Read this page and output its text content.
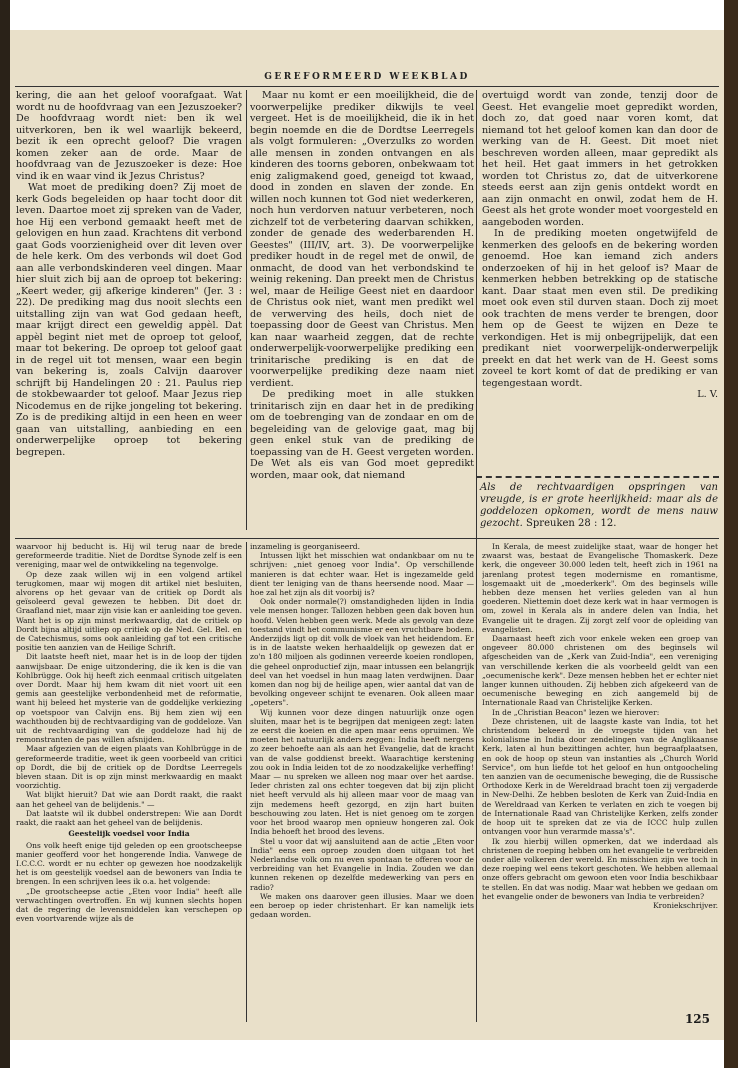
GEREFORMEERD WEEKBLAD

kering, die aan het geloof voorafgaat. Wat wordt nu de hoofdvraag van een Jezuszoeker? De hoofdvraag wordt niet: ben ik wel uitverkoren, ben ik wel waarlijk bekeerd, bezit ik een oprecht geloof? Die vragen komen zeker aan de orde. Maar de hoofdvraag van de Jezuszoeker is deze: Hoe vind ik en waar vind ik Jezus Christus?

Wat moet de prediking doen? Zij moet de kerk Gods begeleiden op haar tocht door dit leven. Daartoe moet zij spreken van de Vader, hoe Hij een verbond gemaakt heeft met de gelovigen en hun zaad. Krachtens dit verbond gaat Gods voorzienigheid over dit leven over de hele kerk. Om des verbonds wil doet God aan alle verbondskinderen veel dingen. Maar hier sluit zich bij aan de oproep tot bekering: „Keert weder, gij afkerige kinderen" (Jer. 3 : 22). De prediking mag dus nooit slechts een uitstalling zijn van wat God gedaan heeft, maar krijgt direct een geweldig appèl. Dat appèl begint niet met de oproep tot geloof, maar tot bekering. De oproep tot geloof gaat in de regel uit tot mensen, waar een begin van bekering is, zoals Calvijn daarover schrijft bij Handelingen 20 : 21. Paulus riep de stokbewaarder tot geloof. Maar Jezus riep Nicodemus en de rijke jongeling tot bekering. Zo is de prediking altijd in een heen en weer gaan van uitstalling, aanbieding en een onderwerpelijke oproep tot bekering begrepen.

Maar nu komt er een moeilijkheid, die de voorwerpelijke prediker dikwijls te veel vergeet. Het is de moeilijkheid, die ik in het begin noemde en die de Dordtse Leerregels als volgt formuleren: „Overzulks zo worden alle mensen in zonden ontvangen en als kinderen des toorns geboren, onbekwaam tot enig zaligmakend goed, geneigd tot kwaad, dood in zonden en slaven der zonde. En willen noch kunnen tot God niet wederkeren, noch hun verdorven natuur verbeteren, noch zichzelf tot de verbetering daarvan schikken, zonder de genade des wederbarenden H. Geestes" (III/IV, art. 3). De voorwerpelijke prediker houdt in de regel met de onwil, de onmacht, de dood van het verbondskind te weinig rekening. Dan preekt men de Christus wel, maar de Heilige Geest niet en daardoor de Christus ook niet, want men predikt wel de verwerving des heils, doch niet de toepassing door de Geest van Christus. Men kan naar waarheid zeggen, dat de rechte onderwerpelijk-voorwerpelijke prediking een trinitarische prediking is en dat de voorwerpelijke prediking deze naam niet verdient.

De prediking moet in alle stukken trinitarisch zijn en daar het in de prediking om de toebrenging van de zondaar en om de begeleiding van de gelovige gaat, mag bij geen enkel stuk van de prediking de toepassing van de H. Geest vergeten worden. De Wet als eis van God moet gepredikt worden, maar ook, dat niemand

overtuigd wordt van zonde, tenzij door de Geest. Het evangelie moet gepredikt worden, doch zo, dat goed naar voren komt, dat niemand tot het geloof komen kan dan door de werking van de H. Geest. Dit moet niet beschreven worden alleen, maar gepredikt als het heil. Het gaat immers in het getrokken worden tot Christus zo, dat de uitverkorene steeds eerst aan zijn genis ontdekt wordt en aan zijn onmacht en onwil, zodat hem de H. Geest als het grote wonder moet voorgesteld en aangeboden worden.

In de prediking moeten ongetwijfeld de kenmerken des geloofs en de bekering worden genoemd. Hoe kan iemand zich anders onderzoeken of hij in het geloof is? Maar de kenmerken hebben betrekking op de statische kant. Daar staat men even stil. De prediking moet ook even stil durven staan. Doch zij moet ook trachten de mens verder te brengen, door hem op de Geest te wijzen en Deze te verkondigen. Het is mij onbegrijpelijk, dat een predikant niet voorwerpelijk-onderwerpelijk preekt en dat het werk van de H. Geest soms zoveel te kort komt of dat de prediking er van tegengestaan wordt.

L. V.

Als de rechtvaardigen opspringen van vreugde, is er grote heerlijkheid: maar als de goddelozen opkomen, wordt de mens nauw gezocht. Spreuken 28 : 12.

waarvoor hij beducht is. Hij wil terug naar de brede gereformeerde traditie. Niet de Dordtse Synode zelf is een vereniging, maar wel de ontwikkeling na tegenvolge.

Op deze zaak willen wij in een volgend artikel terugkomen, maar wij mogen dit artikel niet besluiten, alvorens op het gevaar van de critiek op Dordt als geïsoleerd geval gewezen te hebben. Dit doet dr. Graafland niet, maar zijn visie kan er aanleiding toe geven. Want het is op zijn minst merkwaardig, dat de critiek op Dordt bijna altijd uitliep op critiek op de Ned. Gel. Bel. en de Catechismus, soms ook aanleiding gaf tot een critische positie ten aanzien van de Heilige Schrift.

Dit laatste heeft niet, maar het is in de loop der tijden aanwijsbaar. De enige uitzondering, die ik ken is die van Kohlbrügge. Ook hij heeft zich eenmaal critisch uitgelaten over Dordt. Maar hij hem kwam dit niet voort uit een gemis aan geestelijke verbondenheid met de reformatie, want hij beleed het mysterie van de goddelijke verkiezing op voetspoor van Calvijn ens. Bij hem zien wij een wachthouden bij de rechtvaardiging van de goddeloze. Van uit de rechtvaardiging van de goddeloze had hij de remonstranten de pas willen afsnijden.

Maar afgezien van de eigen plaats van Kohlbrügge in de gereformeerde traditie, weet ik geen voorbeeld van critici op Dordt, die bij de critiek op de Dordtse Leerregels bleven staan. Dit is op zijn minst merkwaardig en maakt voorzichtig.

Wat blijkt hieruit? Dat wie aan Dordt raakt, die raakt aan het geheel van de belijdenis." —

Dat laatste wil ik dubbel onderstrepen: Wie aan Dordt raakt, die raakt aan het geheel van de belijdenis.

Geestelijk voedsel voor India

Ons volk heeft enige tijd geleden op een grootscheepse manier geofferd voor het hongerende India. Vanwege de I.C.C.C. wordt er nu echter op gewezen hoe noodzakelijk het is om geestelijk voedsel aan de bewoners van India te brengen. In een schrijven lees ik o.a. het volgende:

„De grootscheepse actie „Eten voor India" heeft alle verwachtingen overtroffen. En wij kunnen slechts hopen dat de regering de levensmiddelen kan verschepen op even voortvarende wijze als de

inzameling is georganiseerd.

Intussen lijkt het misschien wat ondankbaar om nu te schrijven: „niet genoeg voor India". Op verschillende manieren is dat echter waar. Het is ingezamelde geld dient ter leniging van de thans heersende nood. Maar — hoe zal het zijn als dit voorbij is?

Ook onder normale(?) omstandigheden lijden in India vele mensen honger. Tallozen hebben geen dak boven hun hoofd. Velen hebben geen werk. Mede als gevolg van deze toestand vindt het communisme er een vruchtbare bodem. Anderzijds ligt op dit volk de vloek van het heidendom. Er is in de laatste weken herhaaldelijk op gewezen dat er zo'n 180 miljoen als godinnen vereerde koeien rondlopen, die geheel onproductief zijn, maar intussen een belangrijk deel van het voedsel in hun maag laten verdwijnen. Daar komen dan nog bij de heilige apen, wier aantal dat van de bevolking ongeveer schijnt te evenaren. Ook alleen maar „opeters".

Wij kunnen voor deze dingen natuurlijk onze ogen sluiten, maar het is te begrijpen dat menigeen zegt: laten ze eerst die koeien en die apen maar eens opruimen. We moeten het natuurlijk anders zeggen: India heeft nergens zo zeer behoefte aan als aan het Evangelie, dat de kracht van de valse goddienst breekt. Waarachtige kerstening zou ook in India leiden tot de zo noodzakelijke verheffing! Maar — nu spreken we alleen nog maar over het aardse. Ieder christen zal ons echter toegeven dat bij zijn plicht niet heeft vervuld als hij alleen maar voor de maag van zijn medemens heeft gezorgd, en zijn hart buiten beschouwing zou laten. Het is niet genoeg om te zorgen voor het brood waarop men opnieuw hongeren zal. Ook India behoeft het brood des levens.

Stel u voor dat wij aansluitend aan de actie „Eten voor India" eens een oproep zouden doen uitgaan tot het Nederlandse volk om nu even spontaan te offeren voor de verbreiding van het Evangelie in India. Zouden we dan kunnen rekenen op dezelfde medewerking van pers en radio?

We maken ons daarover geen illusies. Maar we doen een beroep op ieder christenhart. Er kan namelijk iets gedaan worden.

In Kerala, de meest zuidelijke staat, waar de honger het zwaarst was, bestaat de Evangelische Thomaskerk. Deze kerk, die ongeveer 30.000 leden telt, heeft zich in 1961 na jarenlang protest tegen modernisme en romantisme, losgemaakt uit de „moederkerk". Om des beginsels wille hebben deze mensen het verlies geleden van al hun goederen. Niettemin doet deze kerk wat in haar vermogen is om, zowel in Kerala als in andere delen van India, het Evangelie uit te dragen. Zij zorgt zelf voor de opleiding van evangelisten.

Daarnaast heeft zich voor enkele weken een groep van ongeveer 80.000 christenen om des beginsels wil afgescheiden van de „Kerk van Zuid-India", een vereniging van verschillende kerken die als voorbeeld geldt van een „oecumenische kerk". Deze mensen hebben het er echter niet langer kunnen uithouden. Zij hebben zich afgekeerd van de oecumenische beweging en zich aangemeld bij de Internationale Raad van Christelijke Kerken.

In de „Christian Beacon" lezen we hierover:

Deze christenen, uit de laagste kaste van India, tot het christendom bekeerd in de vroegste tijden van het kolonialisme in India door zendelingen van de Anglikaanse Kerk, laten al hun bezittingen achter, hun begraafplaatsen, en ook de hoop op steun van instanties als „Church World Service", om hun liefde tot het geloof en hun ontgoocheling ten aanzien van de oecumenische beweging, die de Russische Orthodoxe Kerk in de Wereldraad bracht toen zij vergaderde in New-Delhi. Ze hebben besloten de Kerk van Zuid-India en de Wereldraad van Kerken te verlaten en zich te voegen bij de Internationale Raad van Christelijke Kerken, zelfs zonder de hoop uit te spreken dat ze via de ICCC hulp zullen ontvangen voor hun verarmde massa's".

Ik zou hierbij willen opmerken, dat we inderdaad als christenen de roeping hebben om het evangelie te verbreiden onder alle volkeren der wereld. En misschien zijn we toch in deze roeping wel eens tekort geschoten. We hebben allemaal onze offers gebracht om gewoon eten voor India beschikbaar te stellen. En dat was nodig. Maar wat hebben we gedaan om het evangelie onder de bewoners van India te verbreiden?

Kroniekschrijver.

125
